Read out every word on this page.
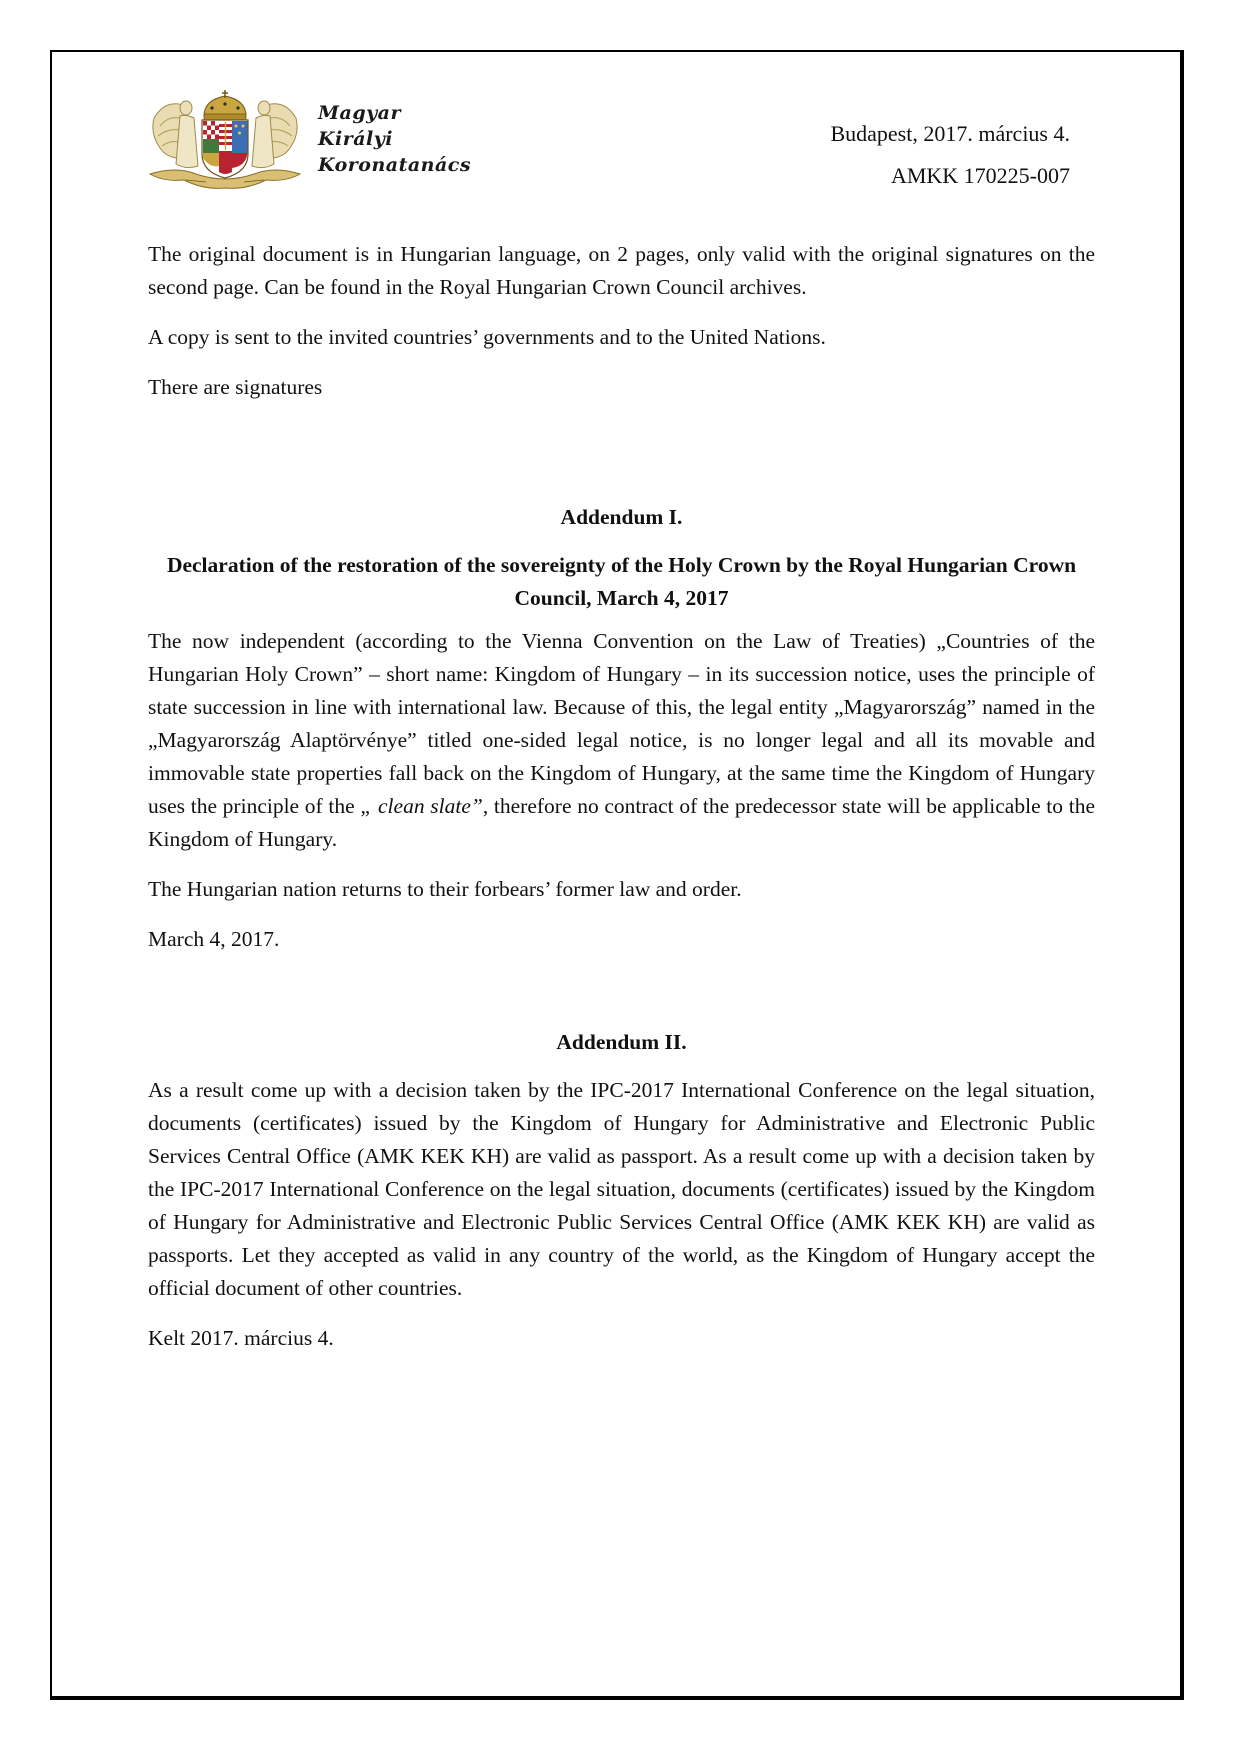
Magyar
Királyi
Koronatanács
Budapest, 2017. március 4.
AMKK 170225-007

The original document is in Hungarian language, on 2 pages, only valid with the original signatures on the second page. Can be found in the Royal Hungarian Crown Council archives.

A copy is sent to the invited countries’ governments and to the United Nations.

There are signatures

Addendum I.
Declaration of the restoration of the sovereignty of the Holy Crown by the Royal Hungarian Crown Council, March 4, 2017

The now independent (according to the Vienna Convention on the Law of Treaties) „Countries of the Hungarian Holy Crown” – short name: Kingdom of Hungary – in its succession notice, uses the principle of state succession in line with international law. Because of this, the legal entity „Magyarország” named in the „Magyarország Alaptörvénye” titled one-sided legal notice, is no longer legal and all its movable and immovable state properties fall back on the Kingdom of Hungary, at the same time the Kingdom of Hungary uses the principle of the „ clean slate”, therefore no contract of the predecessor state will be applicable to the Kingdom of Hungary.

The Hungarian nation returns to their forbears’ former law and order.

March 4, 2017.

Addendum II.

As a result come up with a decision taken by the IPC-2017 International Conference on the legal situation, documents (certificates) issued by the Kingdom of Hungary for Administrative and Electronic Public Services Central Office (AMK KEK KH) are valid as passport. As a result come up with a decision taken by the IPC-2017 International Conference on the legal situation, documents (certificates) issued by the Kingdom of Hungary for Administrative and Electronic Public Services Central Office (AMK KEK KH) are valid as passports. Let they accepted as valid in any country of the world, as the Kingdom of Hungary accept the official document of other countries.

Kelt 2017. március 4.
